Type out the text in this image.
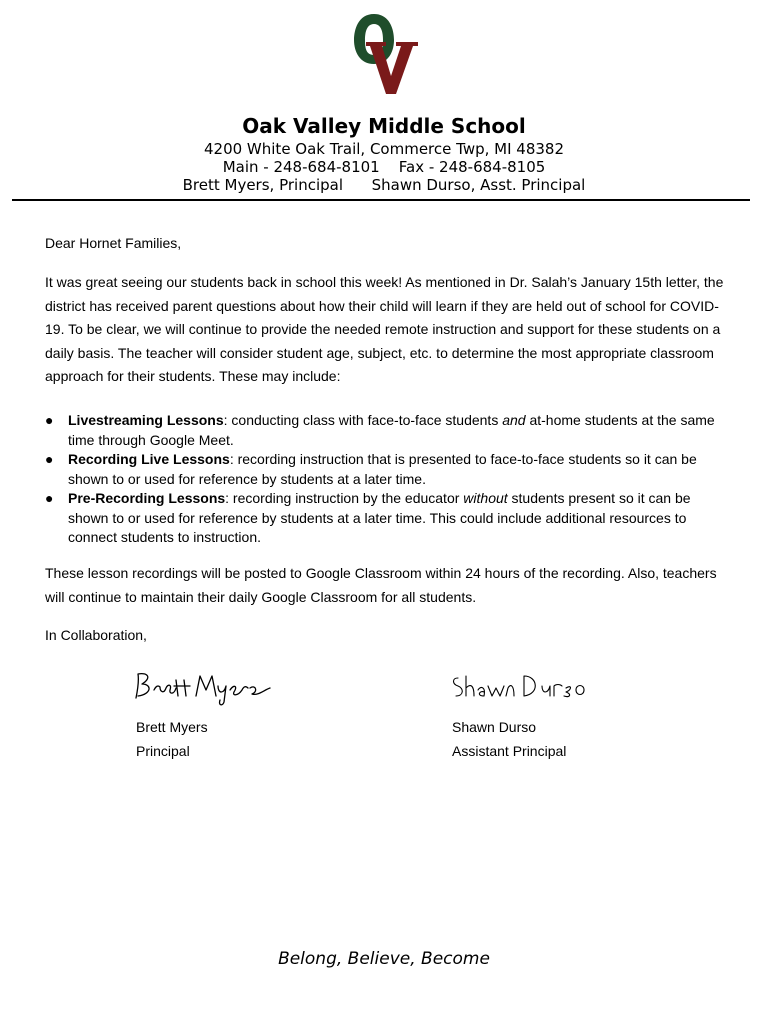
Oak Valley Middle School
4200 White Oak Trail, Commerce Twp, MI 48382
Main - 248-684-8101    Fax - 248-684-8105
Brett Myers, Principal      Shawn Durso, Asst. Principal
Dear Hornet Families,
It was great seeing our students back in school this week! As mentioned in Dr. Salah’s January 15th letter, the district has received parent questions about how their child will learn if they are held out of school for COVID-19. To be clear, we will continue to provide the needed remote instruction and support for these students on a daily basis. The teacher will consider student age, subject, etc. to determine the most appropriate classroom approach for their students. These may include:
● Livestreaming Lessons: conducting class with face-to-face students and at-home students at the same time through Google Meet.
● Recording Live Lessons: recording instruction that is presented to face-to-face students so it can be shown to or used for reference by students at a later time.
● Pre-Recording Lessons: recording instruction by the educator without students present so it can be shown to or used for reference by students at a later time. This could include additional resources to connect students to instruction.
These lesson recordings will be posted to Google Classroom within 24 hours of the recording. Also, teachers will continue to maintain their daily Google Classroom for all students.
In Collaboration,
Brett Myers
Principal
Shawn Durso
Assistant Principal
Belong, Believe, Become
